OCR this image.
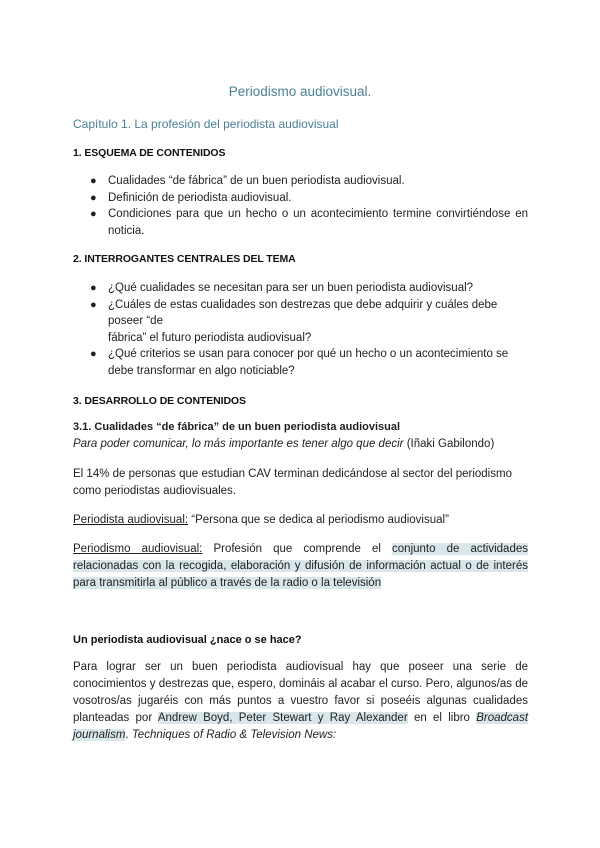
Periodismo audiovisual.
Capítulo 1. La profesión del periodista audiovisual
1. ESQUEMA DE CONTENIDOS
● Cualidades “de fábrica” de un buen periodista audiovisual.
● Definición de periodista audiovisual.
● Condiciones para que un hecho o un acontecimiento termine convirtiéndose en noticia.
2. INTERROGANTES CENTRALES DEL TEMA
● ¿Qué cualidades se necesitan para ser un buen periodista audiovisual?
● ¿Cuáles de estas cualidades son destrezas que debe adquirir y cuáles debe poseer “de
fábrica” el futuro periodista audiovisual?
● ¿Qué criterios se usan para conocer por qué un hecho o un acontecimiento se debe transformar en algo noticiable?
3. DESARROLLO DE CONTENIDOS

3.1. Cualidades “de fábrica” de un buen periodista audiovisual
Para poder comunicar, lo más importante es tener algo que decir (Iñaki Gabilondo)

El 14% de personas que estudian CAV terminan dedicándose al sector del periodismo como periodistas audiovisuales.

Periodista audiovisual: “Persona que se dedica al periodismo audiovisual”

Periodismo audiovisual: Profesión que comprende el conjunto de actividades relacionadas con la recogida, elaboración y difusión de información actual o de interés para transmitirla al público a través de la radio o la televisión

Un periodista audiovisual ¿nace o se hace?

Para lograr ser un buen periodista audiovisual hay que poseer una serie de conocimientos y destrezas que, espero, domináis al acabar el curso. Pero, algunos/as de vosotros/as jugaréis con más puntos a vuestro favor si poseéis algunas cualidades planteadas por Andrew Boyd, Peter Stewart y Ray Alexander en el libro Broadcast journalism. Techniques of Radio & Television News:
